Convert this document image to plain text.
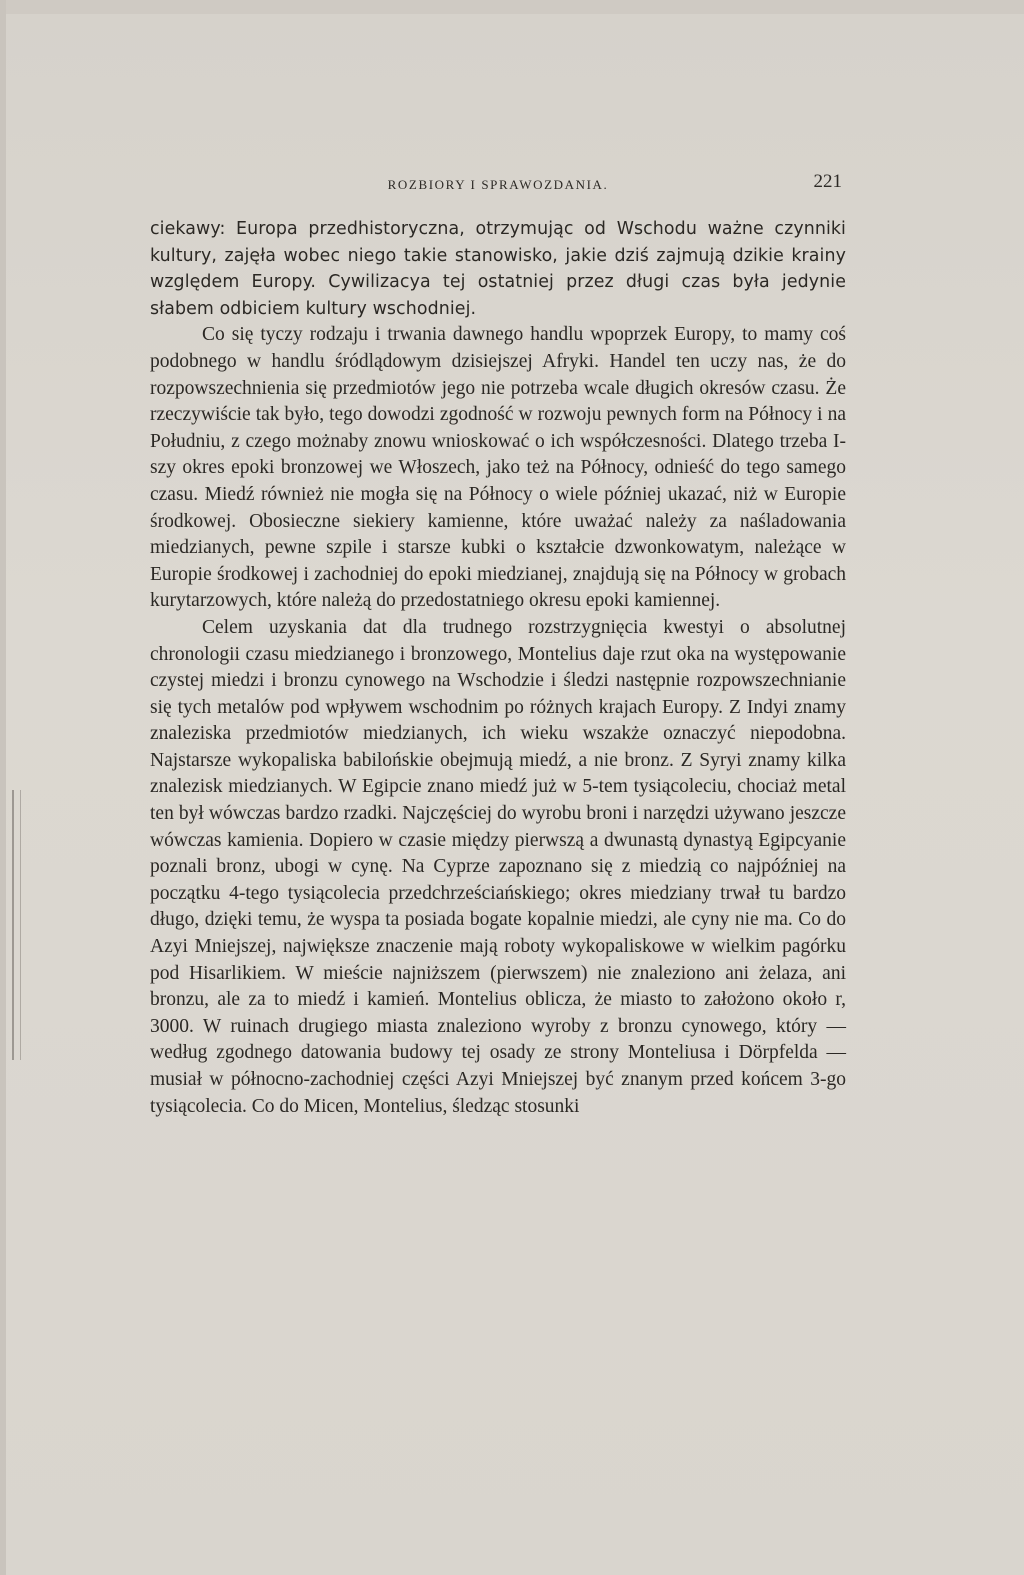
ROZBIORY I SPRAWOZDANIA.	221

ciekawy: Europa przedhistoryczna, otrzymując od Wschodu ważne czynniki kultury, zajęła wobec niego takie stanowisko, jakie dziś zajmują dzikie krainy względem Europy. Cywilizacya tej ostatniej przez długi czas była jedynie słabem odbiciem kultury wschodniej.

Co się tyczy rodzaju i trwania dawnego handlu wpoprzek Europy, to mamy coś podobnego w handlu śródlądowym dzisiejszej Afryki. Handel ten uczy nas, że do rozpowszechnienia się przedmiotów jego nie potrzeba wcale długich okresów czasu. Że rzeczywiście tak było, tego dowodzi zgodność w rozwoju pewnych form na Północy i na Południu, z czego możnaby znowu wnioskować o ich współczesności. Dlatego trzeba I-szy okres epoki bronzowej we Włoszech, jako też na Północy, odnieść do tego samego czasu. Miedź również nie mogła się na Północy o wiele później ukazać, niż w Europie środkowej. Obosieczne siekiery kamienne, które uważać należy za naśladowania miedzianych, pewne szpile i starsze kubki o kształcie dzwonkowatym, należące w Europie środkowej i zachodniej do epoki miedzianej, znajdują się na Północy w grobach kurytarzowych, które należą do przedostatniego okresu epoki kamiennej.

Celem uzyskania dat dla trudnego rozstrzygnięcia kwestyi o absolutnej chronologii czasu miedzianego i bronzowego, Montelius daje rzut oka na występowanie czystej miedzi i bronzu cynowego na Wschodzie i śledzi następnie rozpowszechnianie się tych metalów pod wpływem wschodnim po różnych krajach Europy. Z Indyi znamy znaleziska przedmiotów miedzianych, ich wieku wszakże oznaczyć niepodobna. Najstarsze wykopaliska babilońskie obejmują miedź, a nie bronz. Z Syryi znamy kilka znalezisk miedzianych. W Egipcie znano miedź już w 5-tem tysiącoleciu, chociaż metal ten był wówczas bardzo rzadki. Najczęściej do wyrobu broni i narzędzi używano jeszcze wówczas kamienia. Dopiero w czasie między pierwszą a dwunastą dynastyą Egipcyanie poznali bronz, ubogi w cynę. Na Cyprze zapoznano się z miedzią co najpóźniej na początku 4-tego tysiącolecia przedchrześciańskiego; okres miedziany trwał tu bardzo długo, dzięki temu, że wyspa ta posiada bogate kopalnie miedzi, ale cyny nie ma. Co do Azyi Mniejszej, największe znaczenie mają roboty wykopaliskowe w wielkim pagórku pod Hisarlikiem. W mieście najniższem (pierwszem) nie znaleziono ani żelaza, ani bronzu, ale za to miedź i kamień. Montelius oblicza, że miasto to założono około r, 3000. W ruinach drugiego miasta znaleziono wyroby z bronzu cynowego, który — według zgodnego datowania budowy tej osady ze strony Monteliusa i Dörpfelda — musiał w północno-zachodniej części Azyi Mniejszej być znanym przed końcem 3-go tysiącolecia. Co do Micen, Montelius, śledząc stosunki
